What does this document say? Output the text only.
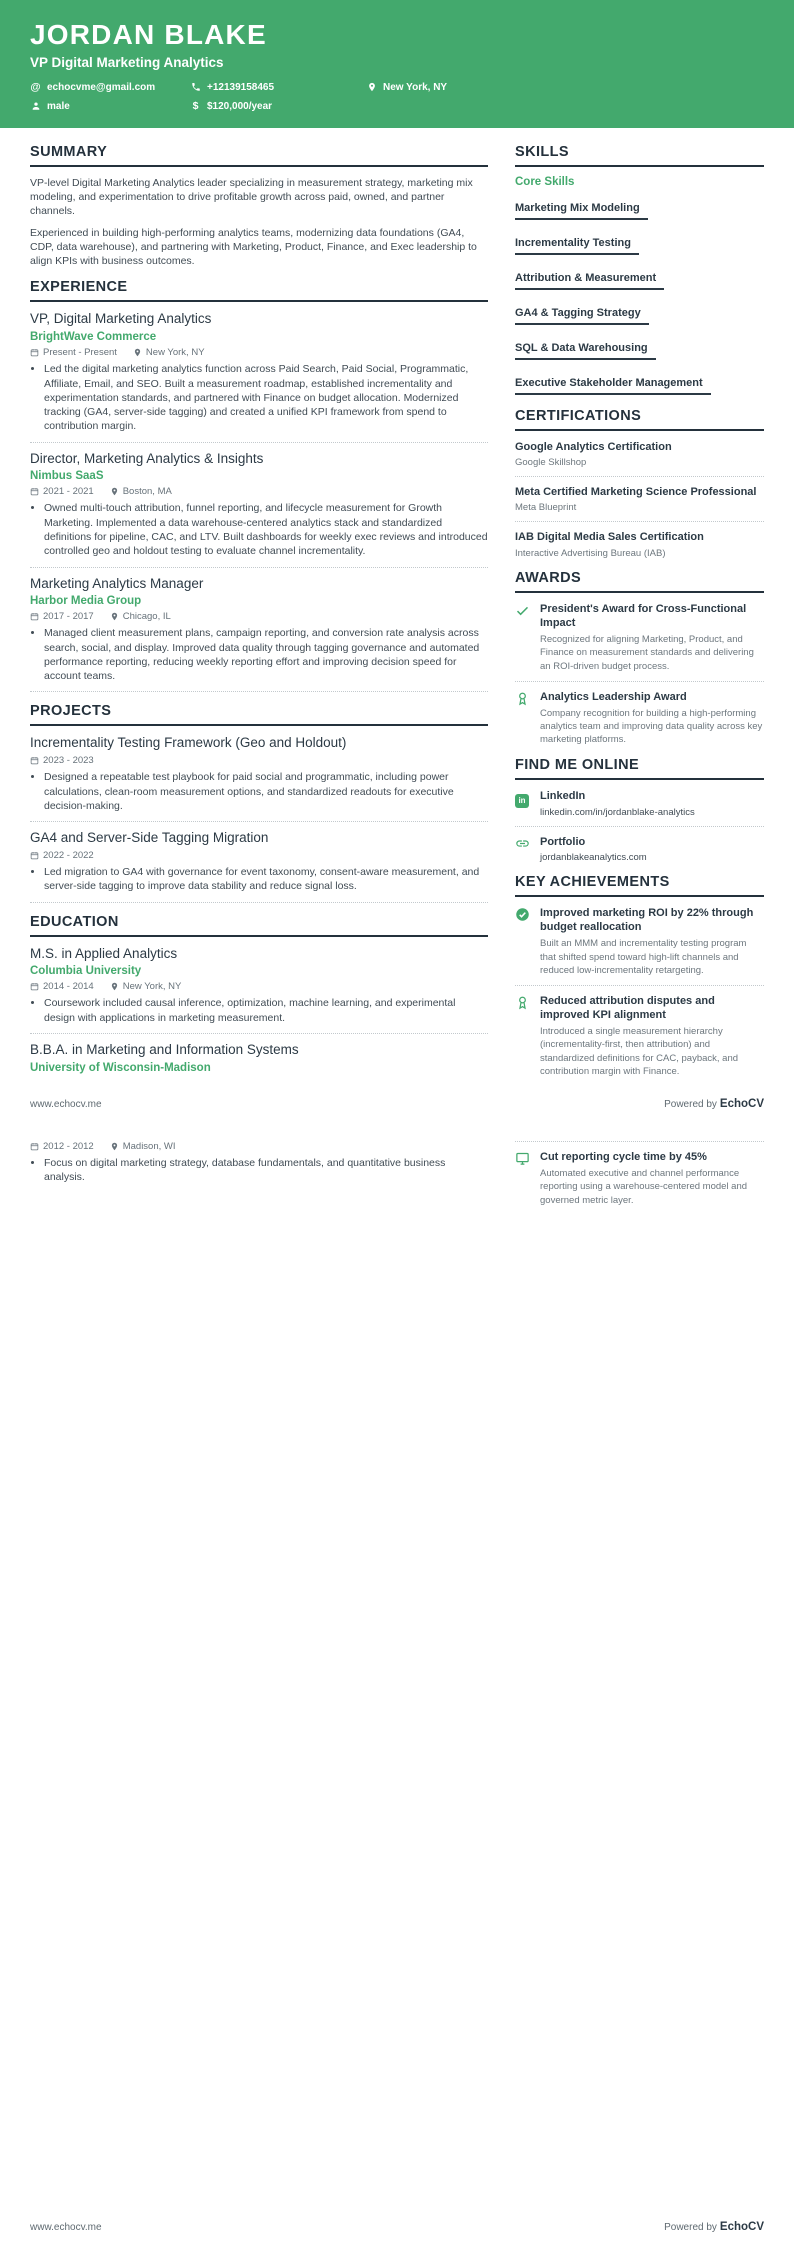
JORDAN BLAKE
VP Digital Marketing Analytics
@ echocvme@gmail.com	+12139158465	New York, NY
male	$ $120,000/year
SUMMARY

VP-level Digital Marketing Analytics leader specializing in measurement strategy, marketing mix modeling, and experimentation to drive profitable growth across paid, owned, and partner channels.

Experienced in building high-performing analytics teams, modernizing data foundations (GA4, CDP, data warehouse), and partnering with Marketing, Product, Finance, and Exec leadership to align KPIs with business outcomes.

EXPERIENCE
VP, Digital Marketing Analytics
BrightWave Commerce
Present - Present	New York, NY
• Led the digital marketing analytics function across Paid Search, Paid Social, Programmatic, Affiliate, Email, and SEO. Built a measurement roadmap, established incrementality and experimentation standards, and partnered with Finance on budget allocation. Modernized tracking (GA4, server-side tagging) and created a unified KPI framework from spend to contribution margin.
Director, Marketing Analytics & Insights
Nimbus SaaS
2021 - 2021	Boston, MA
• Owned multi-touch attribution, funnel reporting, and lifecycle measurement for Growth Marketing. Implemented a data warehouse-centered analytics stack and standardized definitions for pipeline, CAC, and LTV. Built dashboards for weekly exec reviews and introduced controlled geo and holdout testing to evaluate channel incrementality.
Marketing Analytics Manager
Harbor Media Group
2017 - 2017	Chicago, IL
• Managed client measurement plans, campaign reporting, and conversion rate analysis across search, social, and display. Improved data quality through tagging governance and automated performance reporting, reducing weekly reporting effort and improving decision speed for account teams.
PROJECTS
Incrementality Testing Framework (Geo and Holdout)
2023 - 2023
• Designed a repeatable test playbook for paid social and programmatic, including power calculations, clean-room measurement options, and standardized readouts for executive decision-making.
GA4 and Server-Side Tagging Migration
2022 - 2022
• Led migration to GA4 with governance for event taxonomy, consent-aware measurement, and server-side tagging to improve data stability and reduce signal loss.
EDUCATION
M.S. in Applied Analytics
Columbia University
2014 - 2014	New York, NY
• Coursework included causal inference, optimization, machine learning, and experimental design with applications in marketing measurement.
B.B.A. in Marketing and Information Systems
University of Wisconsin-Madison
SKILLS
Core Skills
Marketing Mix Modeling
Incrementality Testing
Attribution & Measurement
GA4 & Tagging Strategy
SQL & Data Warehousing
Executive Stakeholder Management
CERTIFICATIONS
Google Analytics Certification
Google Skillshop
Meta Certified Marketing Science Professional
Meta Blueprint
IAB Digital Media Sales Certification
Interactive Advertising Bureau (IAB)
AWARDS
President's Award for Cross-Functional Impact
Recognized for aligning Marketing, Product, and Finance on measurement standards and delivering an ROI-driven budget process.
Analytics Leadership Award
Company recognition for building a high-performing analytics team and improving data quality across key marketing platforms.
FIND ME ONLINE
in	LinkedIn
linkedin.com/in/jordanblake-analytics
Portfolio
jordanblakeanalytics.com
KEY ACHIEVEMENTS
Improved marketing ROI by 22% through budget reallocation
Built an MMM and incrementality testing program that shifted spend toward high-lift channels and reduced low-incrementality retargeting.
Reduced attribution disputes and improved KPI alignment
Introduced a single measurement hierarchy (incrementality-first, then attribution) and standardized definitions for CAC, payback, and contribution margin with Finance.
www.echocv.me	Powered by EchoCV
2012 - 2012	Madison, WI
• Focus on digital marketing strategy, database fundamentals, and quantitative business analysis.
Cut reporting cycle time by 45%
Automated executive and channel performance reporting using a warehouse-centered model and governed metric layer.
www.echocv.me	Powered by EchoCV
